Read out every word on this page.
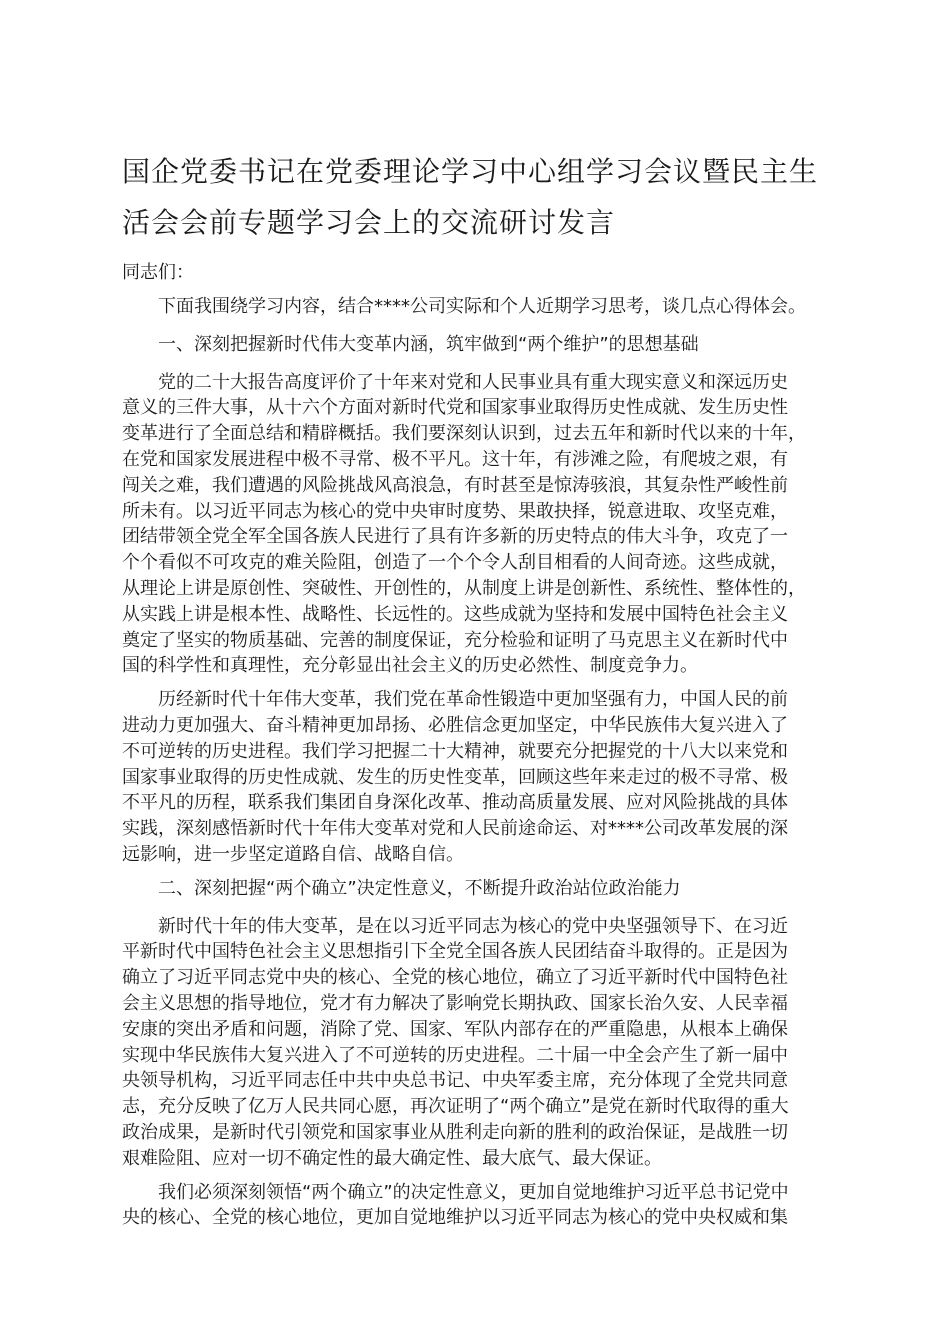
国企党委书记在党委理论学习中心组学习会议暨民主生
活会会前专题学习会上的交流研讨发言
同志们：

下面我围绕学习内容，结合****公司实际和个人近期学习思考，谈几点心得体会。

一、深刻把握新时代伟大变革内涵，筑牢做到“两个维护”的思想基础

党的二十大报告高度评价了十年来对党和人民事业具有重大现实意义和深远历史
意义的三件大事，从十六个方面对新时代党和国家事业取得历史性成就、发生历史性
变革进行了全面总结和精辟概括。我们要深刻认识到，过去五年和新时代以来的十年，
在党和国家发展进程中极不寻常、极不平凡。这十年，有涉滩之险，有爬坡之艰，有
闯关之难，我们遭遇的风险挑战风高浪急，有时甚至是惊涛骇浪，其复杂性严峻性前
所未有。以习近平同志为核心的党中央审时度势、果敢抉择，锐意进取、攻坚克难，
团结带领全党全军全国各族人民进行了具有许多新的历史特点的伟大斗争，攻克了一
个个看似不可攻克的难关险阻，创造了一个个令人刮目相看的人间奇迹。这些成就，
从理论上讲是原创性、突破性、开创性的，从制度上讲是创新性、系统性、整体性的，
从实践上讲是根本性、战略性、长远性的。这些成就为坚持和发展中国特色社会主义
奠定了坚实的物质基础、完善的制度保证，充分检验和证明了马克思主义在新时代中
国的科学性和真理性，充分彰显出社会主义的历史必然性、制度竞争力。

历经新时代十年伟大变革，我们党在革命性锻造中更加坚强有力，中国人民的前
进动力更加强大、奋斗精神更加昂扬、必胜信念更加坚定，中华民族伟大复兴进入了
不可逆转的历史进程。我们学习把握二十大精神，就要充分把握党的十八大以来党和
国家事业取得的历史性成就、发生的历史性变革，回顾这些年来走过的极不寻常、极
不平凡的历程，联系我们集团自身深化改革、推动高质量发展、应对风险挑战的具体
实践，深刻感悟新时代十年伟大变革对党和人民前途命运、对****公司改革发展的深
远影响，进一步坚定道路自信、战略自信。

二、深刻把握“两个确立”决定性意义，不断提升政治站位政治能力

新时代十年的伟大变革，是在以习近平同志为核心的党中央坚强领导下、在习近
平新时代中国特色社会主义思想指引下全党全国各族人民团结奋斗取得的。正是因为
确立了习近平同志党中央的核心、全党的核心地位，确立了习近平新时代中国特色社
会主义思想的指导地位，党才有力解决了影响党长期执政、国家长治久安、人民幸福
安康的突出矛盾和问题，消除了党、国家、军队内部存在的严重隐患，从根本上确保
实现中华民族伟大复兴进入了不可逆转的历史进程。二十届一中全会产生了新一届中
央领导机构，习近平同志任中共中央总书记、中央军委主席，充分体现了全党共同意
志，充分反映了亿万人民共同心愿，再次证明了“两个确立”是党在新时代取得的重大
政治成果，是新时代引领党和国家事业从胜利走向新的胜利的政治保证，是战胜一切
艰难险阻、应对一切不确定性的最大确定性、最大底气、最大保证。

我们必须深刻领悟“两个确立”的决定性意义，更加自觉地维护习近平总书记党中
央的核心、全党的核心地位，更加自觉地维护以习近平同志为核心的党中央权威和集
